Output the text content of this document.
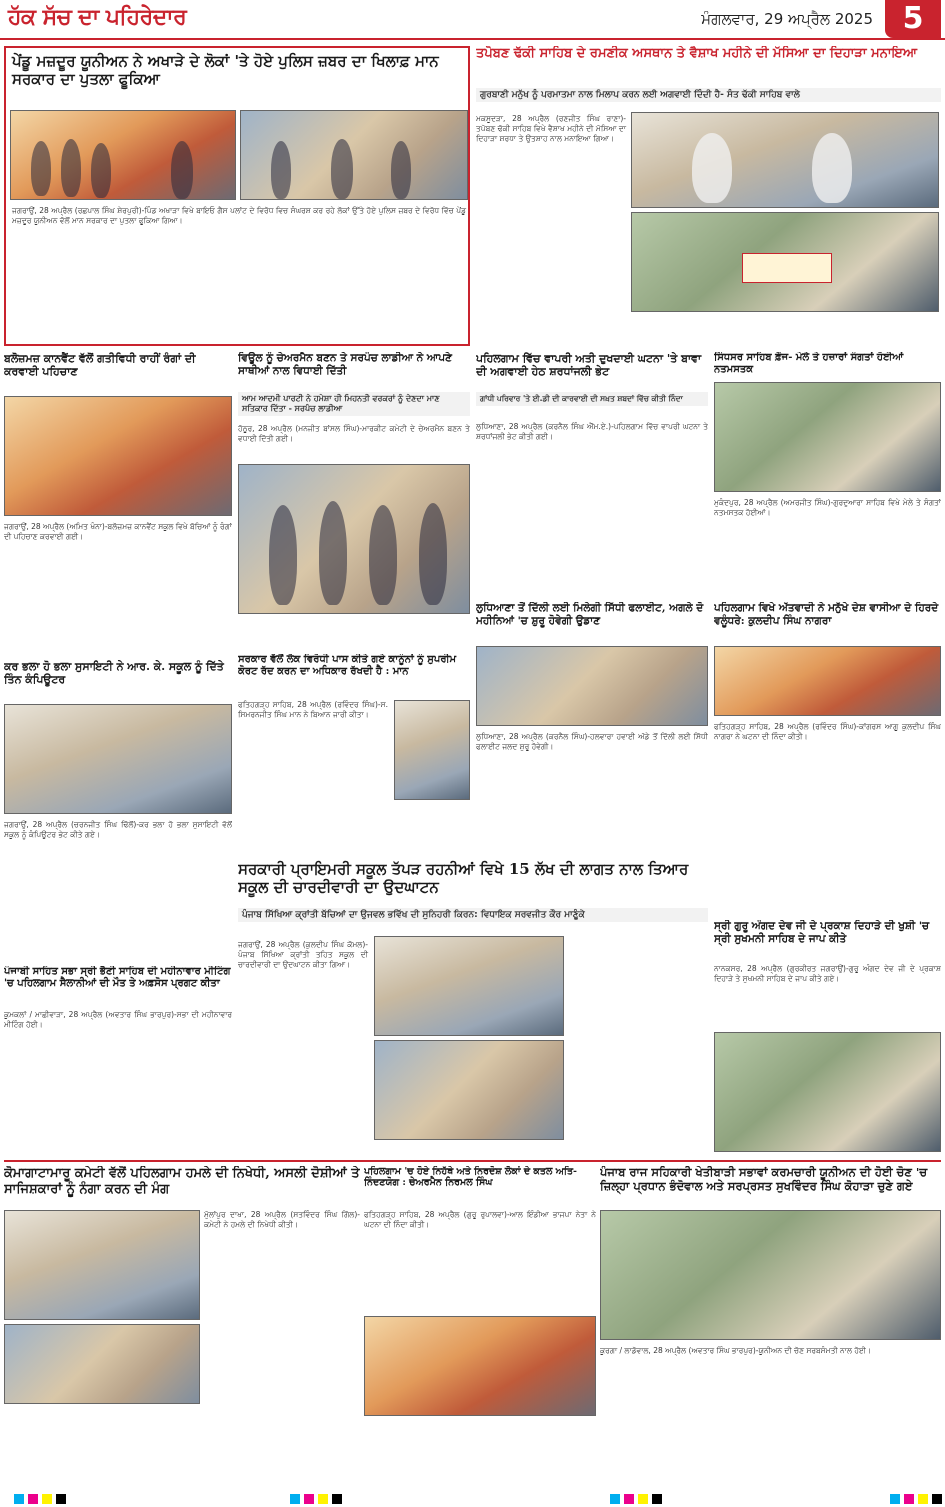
ਹੱਕ ਸੱਚ ਦਾ ਪਹਿਰੇਦਾਰ	ਮੰਗਲਵਾਰ, 29 ਅਪ੍ਰੈਲ 2025 5
ਪੇਂਡੂ ਮਜ਼ਦੂਰ ਯੂਨੀਅਨ ਨੇ ਅਖਾੜੇ ਦੇ ਲੋਕਾਂ 'ਤੇ ਹੋਏ ਪੁਲਿਸ ਜ਼ਬਰ ਦਾ ਖਿਲਾਫ਼ ਮਾਨ ਸਰਕਾਰ ਦਾ ਪੁਤਲਾ ਫੂਕਿਆ
ਜਗਰਾਉਂ, 28 ਅਪ੍ਰੈਲ (ਰਛਪਾਲ ਸਿੰਘ ਸ਼ੇਰਪੁਰੀ)-ਪਿੰਡ ਅਖਾੜਾ ਵਿਖੇ ਬਾਇਓ ਗੈਸ ਪਲਾਂਟ ਦੇ ਵਿਰੋਧ ਵਿਚ ਸੰਘਰਸ਼ ਕਰ ਰਹੇ ਲੋਕਾਂ ਉੱਤੇ ਹੋਏ ਪੁਲਿਸ ਜ਼ਬਰ ਦੇ ਵਿਰੋਧ ਵਿੱਚ ਪੇਂਡੂ ਮਜ਼ਦੂਰ ਯੂਨੀਅਨ ਵੱਲੋਂ ਮਾਨ ਸਰਕਾਰ ਦਾ ਪੁਤਲਾ ਫੂਕਿਆ ਗਿਆ।
ਤਪੋਬਣ ਢੱਕੀ ਸਾਹਿਬ ਦੇ ਰਮਣੀਕ ਅਸਥਾਨ ਤੇ ਵੈਸ਼ਾਖ ਮਹੀਨੇ ਦੀ ਮੱਸਿਆ ਦਾ ਦਿਹਾੜਾ ਮਨਾਇਆ
ਗੁਰਬਾਣੀ ਮਨੁੱਖ ਨੂੰ ਪਰਮਾਤਮਾ ਨਾਲ ਮਿਲਾਪ ਕਰਨ ਲਈ ਅਗਵਾਈ ਦਿੰਦੀ ਹੈ- ਸੰਤ ਢੱਕੀ ਸਾਹਿਬ ਵਾਲੇ
ਮਕਸੂਦੜਾ, 28 ਅਪ੍ਰੈਲ (ਰਣਜੀਤ ਸਿੰਘ ਰਾਣਾ)- ਤਪੋਬਣ ਢੱਕੀ ਸਾਹਿਬ ਵਿਖੇ ਵੈਸ਼ਾਖ ਮਹੀਨੇ ਦੀ ਮੱਸਿਆ ਦਾ ਦਿਹਾੜਾ ਸ਼ਰਧਾ ਤੇ ਉਤਸ਼ਾਹ ਨਾਲ ਮਨਾਇਆ ਗਿਆ।
ਬਲੋਜ਼ਮਜ਼ ਕਾਨਵੈਂਟ ਵੱਲੋਂ ਗਤੀਵਿਧੀ ਰਾਹੀਂ ਰੰਗਾਂ ਦੀ ਕਰਵਾਈ ਪਹਿਚਾਣ
ਜਗਰਾਉਂ, 28 ਅਪ੍ਰੈਲ (ਅਮਿਤ ਖੰਨਾ)-ਬਲੋਜ਼ਮਜ਼ ਕਾਨਵੈਂਟ ਸਕੂਲ ਵਿਖੇ ਬੱਚਿਆਂ ਨੂੰ ਰੰਗਾਂ ਦੀ ਪਹਿਚਾਣ ਕਰਵਾਈ ਗਈ।
ਵਿਊਲ ਨੂੰ ਚੇਅਰਮੈਨ ਬਣਨ ਤੇ ਸਰਪੰਚ ਲਾਡੀਆ ਨੇ ਆਪਣੇ ਸਾਥੀਆਂ ਨਾਲ ਵਿਧਾਈ ਦਿੱਤੀ
ਆਮ ਆਦਮੀ ਪਾਰਟੀ ਨੇ ਹਮੇਸ਼ਾ ਹੀ ਮਿਹਨਤੀ ਵਰਕਰਾਂ ਨੂੰ ਦੇਣਦਾ ਮਾਣ ਸਤਿਕਾਰ ਦਿੱਤਾ - ਸਰਪੰਚ ਲਾਡੀਆ
ਹੱਠੂਰ, 28 ਅਪ੍ਰੈਲ (ਮਨਜੀਤ ਬਾਂਸਲ ਸਿੰਘ)-ਮਾਰਕੀਟ ਕਮੇਟੀ ਦੇ ਚੇਅਰਮੈਨ ਬਣਨ ਤੇ ਵਧਾਈ ਦਿੱਤੀ ਗਈ।
ਕਰ ਭਲਾ ਹੋ ਭਲਾ ਸੁਸਾਇਟੀ ਨੇ ਆਰ. ਕੇ. ਸਕੂਲ ਨੂੰ ਦਿੱਤੇ ਤਿੰਨ ਕੰਪਿਊਟਰ
ਜਗਰਾਉਂ, 28 ਅਪ੍ਰੈਲ (ਚਰਨਜੀਤ ਸਿੰਘ ਢਿੱਲੋਂ)-ਕਰ ਭਲਾ ਹੋ ਭਲਾ ਸੁਸਾਇਟੀ ਵੱਲੋਂ ਸਕੂਲ ਨੂੰ ਕੰਪਿਊਟਰ ਭੇਟ ਕੀਤੇ ਗਏ।
ਪਹਿਲਗਾਮ ਵਿੱਚ ਵਾਪਰੀ ਅਤੀ ਦੁਖਦਾਈ ਘਟਨਾ 'ਤੇ ਬਾਵਾ ਦੀ ਅਗਵਾਈ ਹੇਠ ਸ਼ਰਧਾਂਜਲੀ ਭੇਟ
ਗਾਂਧੀ ਪਰਿਵਾਰ 'ਤੇ ਈ.ਡੀ ਦੀ ਕਾਰਵਾਈ ਦੀ ਸਖ਼ਤ ਸ਼ਬਦਾਂ ਵਿੱਚ ਕੀਤੀ ਨਿੰਦਾ
ਲੁਧਿਆਣਾ, 28 ਅਪ੍ਰੈਲ (ਕਰਨੈਲ ਸਿੰਘ ਐੱਮ.ਏ.)-ਪਹਿਲਗਾਮ ਵਿੱਚ ਵਾਪਰੀ ਘਟਨਾ ਤੇ ਸ਼ਰਧਾਂਜਲੀ ਭੇਟ ਕੀਤੀ ਗਈ।
ਸਿੰਧਸਰ ਸਾਹਿਬ ਫ਼ੌਜ- ਮੇਲੇ ਤੇ ਹਜ਼ਾਰਾਂ ਸੰਗਤਾਂ ਹੋਈਆਂ ਨਤਮਸਤਕ
ਮੁਕੰਦਪੁਰ, 28 ਅਪ੍ਰੈਲ (ਅਮਰਜੀਤ ਸਿੰਘ)-ਗੁਰਦੁਆਰਾ ਸਾਹਿਬ ਵਿਖੇ ਮੇਲੇ ਤੇ ਸੰਗਤਾਂ ਨਤਮਸਤਕ ਹੋਈਆਂ।
ਸਰਕਾਰ ਵੱਲੋਂ ਲੋਕ ਵਿਰੋਧੀ ਪਾਸ ਕੀਤੇ ਗਏ ਕਾਨੂੰਨਾਂ ਨੂੰ ਸੁਪਰੀਮ ਕੋਰਟ ਰੱਦ ਕਰਨ ਦਾ ਅਧਿਕਾਰ ਰੱਖਦੀ ਹੈ : ਮਾਨ
ਫਤਿਹਗੜ੍ਹ ਸਾਹਿਬ, 28 ਅਪ੍ਰੈਲ (ਰਵਿੰਦਰ ਸਿੰਘ)-ਸ. ਸਿਮਰਨਜੀਤ ਸਿੰਘ ਮਾਨ ਨੇ ਬਿਆਨ ਜਾਰੀ ਕੀਤਾ।
ਲੁਧਿਆਣਾ ਤੋਂ ਦਿੱਲੀ ਲਈ ਮਿਲੇਗੀ ਸਿੱਧੀ ਫਲਾਈਟ, ਅਗਲੇ ਦੋ ਮਹੀਨਿਆਂ 'ਚ ਸ਼ੁਰੂ ਹੋਵੇਗੀ ਉਡਾਣ
ਲੁਧਿਆਣਾ, 28 ਅਪ੍ਰੈਲ (ਕਰਨੈਲ ਸਿੰਘ)-ਹਲਵਾਰਾ ਹਵਾਈ ਅੱਡੇ ਤੋਂ ਦਿੱਲੀ ਲਈ ਸਿੱਧੀ ਫਲਾਈਟ ਜਲਦ ਸ਼ੁਰੂ ਹੋਵੇਗੀ।
ਪਹਿਲਗਾਮ ਵਿਖੇ ਅੱਤਵਾਦੀ ਨੇ ਮਨੁੱਖੇ ਦੇਸ਼ ਵਾਸੀਆ ਦੇ ਹਿਰਦੇ ਵਲੂੰਧਰੇ: ਕੁਲਦੀਪ ਸਿੰਘ ਨਾਗਰਾ
ਫਤਿਹਗੜ੍ਹ ਸਾਹਿਬ, 28 ਅਪ੍ਰੈਲ (ਰਵਿੰਦਰ ਸਿੰਘ)-ਕਾਂਗਰਸ ਆਗੂ ਕੁਲਦੀਪ ਸਿੰਘ ਨਾਗਰਾ ਨੇ ਘਟਨਾ ਦੀ ਨਿੰਦਾ ਕੀਤੀ।
ਸਰਕਾਰੀ ਪ੍ਰਾਇਮਰੀ ਸਕੂਲ ਤੱਪੜ ਰਹਨੀਆਂ ਵਿਖੇ 15 ਲੱਖ ਦੀ ਲਾਗਤ ਨਾਲ ਤਿਆਰ ਸਕੂਲ ਦੀ ਚਾਰਦੀਵਾਰੀ ਦਾ ਉਦਘਾਟਨ
ਪੰਜਾਬ ਸਿੱਖਿਆ ਕ੍ਰਾਂਤੀ ਬੱਚਿਆਂ ਦਾ ਉਜਵਲ ਭਵਿੱਖ ਦੀ ਸੁਨਿਹਰੀ ਕਿਰਨ: ਵਿਧਾਇਕ ਸਰਵਜੀਤ ਕੌਰ ਮਾਣੂੰਕੇ
ਜਗਰਾਉਂ, 28 ਅਪ੍ਰੈਲ (ਕੁਲਦੀਪ ਸਿੰਘ ਕੋਮਲ)-ਪੰਜਾਬ ਸਿੱਖਿਆ ਕ੍ਰਾਂਤੀ ਤਹਿਤ ਸਕੂਲ ਦੀ ਚਾਰਦੀਵਾਰੀ ਦਾ ਉਦਘਾਟਨ ਕੀਤਾ ਗਿਆ।
ਸ੍ਰੀ ਗੁਰੂ ਅੰਗਦ ਦੇਵ ਜੀ ਦੇ ਪ੍ਰਕਾਸ਼ ਦਿਹਾੜੇ ਦੀ ਖੁਸ਼ੀ 'ਚ ਸ੍ਰੀ ਸੁਖਮਨੀ ਸਾਹਿਬ ਦੇ ਜਾਪ ਕੀਤੇ
ਨਾਨਕਸਰ, 28 ਅਪ੍ਰੈਲ (ਗੁਰਕੀਰਤ ਜਗਰਾਉਂ)-ਗੁਰੂ ਅੰਗਦ ਦੇਵ ਜੀ ਦੇ ਪ੍ਰਕਾਸ਼ ਦਿਹਾੜੇ ਤੇ ਸੁਖਮਨੀ ਸਾਹਿਬ ਦੇ ਜਾਪ ਕੀਤੇ ਗਏ।
ਪੰਜਾਬੀ ਸਾਹਿਤ ਸਭਾ ਸ੍ਰੀ ਭੈਣੀ ਸਾਹਿਬ ਦੀ ਮਹੀਨਾਵਾਰ ਮੀਟਿੰਗ 'ਚ ਪਹਿਲਗਾਮ ਸੈਲਾਨੀਆਂ ਦੀ ਮੌਤ ਤੇ ਅਫ਼ਸੋਸ ਪ੍ਰਗਟ ਕੀਤਾ
ਕੂਮਕਲਾਂ / ਮਾਛੀਵਾੜਾ, 28 ਅਪ੍ਰੈਲ (ਅਵਤਾਰ ਸਿੰਘ ਭਾਰਪੁਰ)-ਸਭਾ ਦੀ ਮਹੀਨਾਵਾਰ ਮੀਟਿੰਗ ਹੋਈ।
ਕੋਮਾਗਾਟਾਮਾਰੂ ਕਮੇਟੀ ਵੱਲੋਂ ਪਹਿਲਗਾਮ ਹਮਲੇ ਦੀ ਨਿਖੇਧੀ, ਅਸਲੀ ਦੋਸ਼ੀਆਂ ਤੇ ਸਾਜਿਸ਼ਕਾਰਾਂ ਨੂੰ ਨੰਗਾ ਕਰਨ ਦੀ ਮੰਗ
ਮੁੱਲਾਂਪੁਰ ਦਾਖਾ, 28 ਅਪ੍ਰੈਲ (ਸਤਵਿੰਦਰ ਸਿੰਘ ਗਿੱਲ)-ਕਮੇਟੀ ਨੇ ਹਮਲੇ ਦੀ ਨਿਖੇਧੀ ਕੀਤੀ।
ਪਹਿਲਗਾਮ 'ਚ ਹੋਏ ਨਿਹੱਥੇ ਅਤੇ ਨਿਰਦੋਸ਼ ਲੋਕਾਂ ਦੇ ਕਤਲ ਅਤਿ-ਨਿੰਦਣਯੋਗ : ਚੇਅਰਮੈਨ ਨਿਰਮਲ ਸਿੰਘ
ਫਤਿਹਗੜ੍ਹ ਸਾਹਿਬ, 28 ਅਪ੍ਰੈਲ (ਗੁਰੂ ਰੁਪਾਲਵਾ)-ਆਲ ਇੰਡੀਆ ਭਾਜਪਾ ਨੇਤਾ ਨੇ ਘਟਨਾ ਦੀ ਨਿੰਦਾ ਕੀਤੀ।
ਪੰਜਾਬ ਰਾਜ ਸਹਿਕਾਰੀ ਖੇਤੀਬਾੜੀ ਸਭਾਵਾਂ ਕਰਮਚਾਰੀ ਯੂਨੀਅਨ ਦੀ ਹੋਈ ਚੋਣ 'ਚ ਜ਼ਿਲ੍ਹਾ ਪ੍ਰਧਾਨ ਭੰਦੋਵਾਲ ਅਤੇ ਸਰਪ੍ਰਸਤ ਸੁਖਵਿੰਦਰ ਸਿੰਘ ਕੋਹਾੜਾ ਚੁਣੇ ਗਏ
ਕੂਰਗਾ / ਲਾਡੋਵਾਲ, 28 ਅਪ੍ਰੈਲ (ਅਵਤਾਰ ਸਿੰਘ ਭਾਰਪੁਰ)-ਯੂਨੀਅਨ ਦੀ ਚੋਣ ਸਰਬਸੰਮਤੀ ਨਾਲ ਹੋਈ।
